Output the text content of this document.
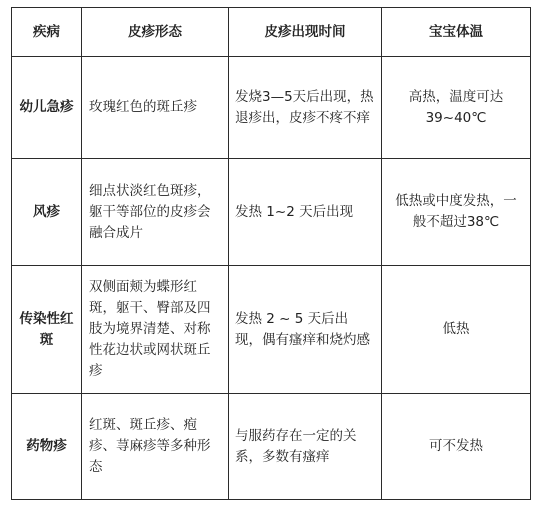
疾病	皮疹形态	皮疹出现时间	宝宝体温
幼儿急疹	玫瑰红色的斑丘疹	发烧3—5天后出现，热退疹出，皮疹不疼不痒	高热，温度可达39~40℃
风疹	细点状淡红色斑疹，躯干等部位的皮疹会融合成片	发热 1~2 天后出现	低热或中度发热，一般不超过38℃
传染性红斑	双侧面颊为蝶形红斑，躯干、臀部及四肢为境界清楚、对称性花边状或网状斑丘疹	发热 2 ~ 5 天后出现，偶有瘙痒和烧灼感	低热
药物疹	红斑、斑丘疹、疱疹、荨麻疹等多种形态	与服药存在一定的关系，多数有瘙痒	可不发热
